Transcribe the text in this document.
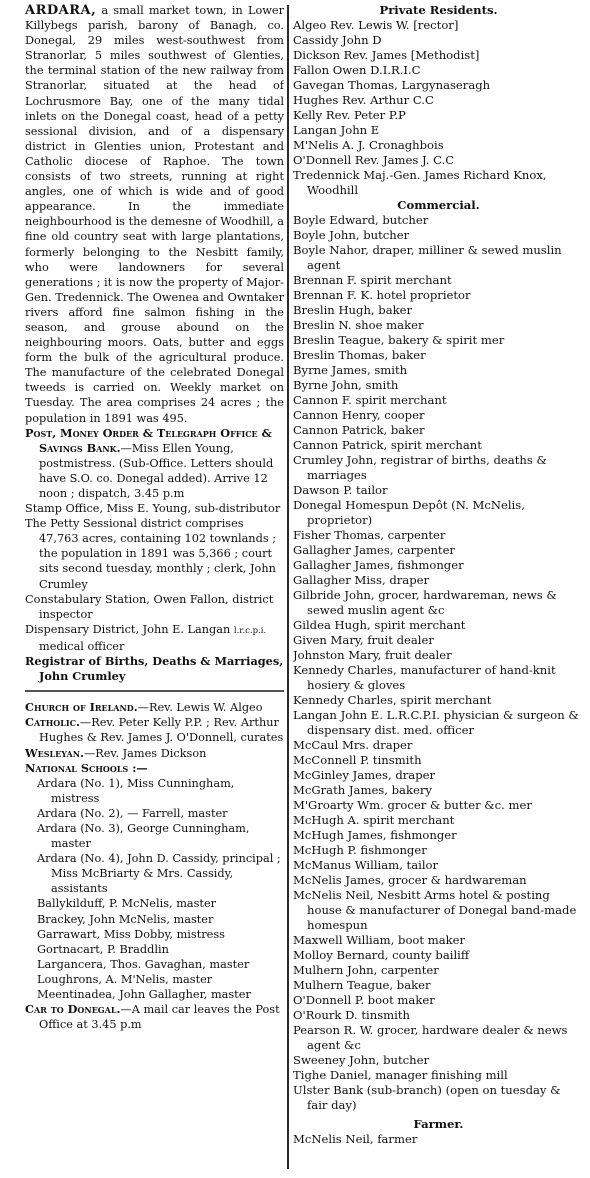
ARDARA, a small market town, in Lower Killybegs parish, barony of Banagh, co. Donegal, 29 miles west-southwest from Stranorlar, 5 miles southwest of Glenties, the terminal station of the new railway from Stranorlar, situated at the head of Lochrusmore Bay, one of the many tidal inlets on the Donegal coast, head of a petty sessional division, and of a dispensary district in Glenties union, Protestant and Catholic diocese of Raphoe. The town consists of two streets, running at right angles, one of which is wide and of good appearance. In the immediate neighbourhood is the demesne of Woodhill, a fine old country seat with large plantations, formerly belonging to the Nesbitt family, who were landowners for several generations ; it is now the property of Major-Gen. Tredennick. The Owenea and Owntaker rivers afford fine salmon fishing in the season, and grouse abound on the neighbouring moors. Oats, butter and eggs form the bulk of the agricultural produce. The manufacture of the celebrated Donegal tweeds is carried on. Weekly market on Tuesday. The area comprises 24 acres ; the population in 1891 was 495.

Post, Money Order & Telegraph Office & Savings Bank.—Miss Ellen Young, postmistress. (Sub-Office. Letters should have S.O. co. Donegal added). Arrive 12 noon ; dispatch, 3.45 p.m

Stamp Office, Miss E. Young, sub-distributor

The Petty Sessional district comprises 47,763 acres, containing 102 townlands ; the population in 1891 was 5,366 ; court sits second tuesday, monthly ; clerk, John Crumley

Constabulary Station, Owen Fallon, district inspector

Dispensary District, John E. Langan l.r.c.p.i. medical officer

Registrar of Births, Deaths & Marriages, John Crumley

Church of Ireland.—Rev. Lewis W. Algeo

Catholic.—Rev. Peter Kelly P.P. ; Rev. Arthur Hughes & Rev. James J. O'Donnell, curates

Wesleyan.—Rev. James Dickson

National Schools :—

Ardara (No. 1), Miss Cunningham, mistress

Ardara (No. 2), — Farrell, master

Ardara (No. 3), George Cunningham, master

Ardara (No. 4), John D. Cassidy, principal ; Miss McBriarty & Mrs. Cassidy, assistants

Ballykilduff, P. McNelis, master

Brackey, John McNelis, master

Garrawart, Miss Dobby, mistress

Gortnacart, P. Braddlin

Largancera, Thos. Gavaghan, master

Loughrons, A. M'Nelis, master

Meentinadea, John Gallagher, master

Car to Donegal.—A mail car leaves the Post Office at 3.45 p.m

Private Residents.

Algeo Rev. Lewis W. [rector]

Cassidy John D

Dickson Rev. James [Methodist]

Fallon Owen D.I.R.I.C

Gavegan Thomas, Largynaseragh

Hughes Rev. Arthur C.C

Kelly Rev. Peter P.P

Langan John E

M'Nelis A. J. Cronaghbois

O'Donnell Rev. James J. C.C

Tredennick Maj.-Gen. James Richard Knox, Woodhill

Commercial.

Boyle Edward, butcher

Boyle John, butcher

Boyle Nahor, draper, milliner & sewed muslin agent

Brennan F. spirit merchant

Brennan F. K. hotel proprietor

Breslin Hugh, baker

Breslin N. shoe maker

Breslin Teague, bakery & spirit mer

Breslin Thomas, baker

Byrne James, smith

Byrne John, smith

Cannon F. spirit merchant

Cannon Henry, cooper

Cannon Patrick, baker

Cannon Patrick, spirit merchant

Crumley John, registrar of births, deaths & marriages

Dawson P. tailor

Donegal Homespun Depôt (N. McNelis, proprietor)

Fisher Thomas, carpenter

Gallagher James, carpenter

Gallagher James, fishmonger

Gallagher Miss, draper

Gilbride John, grocer, hardwareman, news & sewed muslin agent &c

Gildea Hugh, spirit merchant

Given Mary, fruit dealer

Johnston Mary, fruit dealer

Kennedy Charles, manufacturer of hand-knit hosiery & gloves

Kennedy Charles, spirit merchant

Langan John E. L.R.C.P.I. physician & surgeon & dispensary dist. med. officer

McCaul Mrs. draper

McConnell P. tinsmith

McGinley James, draper

McGrath James, bakery

M'Groarty Wm. grocer & butter &c. mer

McHugh A. spirit merchant

McHugh James, fishmonger

McHugh P. fishmonger

McManus William, tailor

McNelis James, grocer & hardwareman

McNelis Neil, Nesbitt Arms hotel & posting house & manufacturer of Donegal band-made homespun

Maxwell William, boot maker

Molloy Bernard, county bailiff

Mulhern John, carpenter

Mulhern Teague, baker

O'Donnell P. boot maker

O'Rourk D. tinsmith

Pearson R. W. grocer, hardware dealer & news agent &c

Sweeney John, butcher

Tighe Daniel, manager finishing mill

Ulster Bank (sub-branch) (open on tuesday & fair day)

Farmer.

McNelis Neil, farmer
